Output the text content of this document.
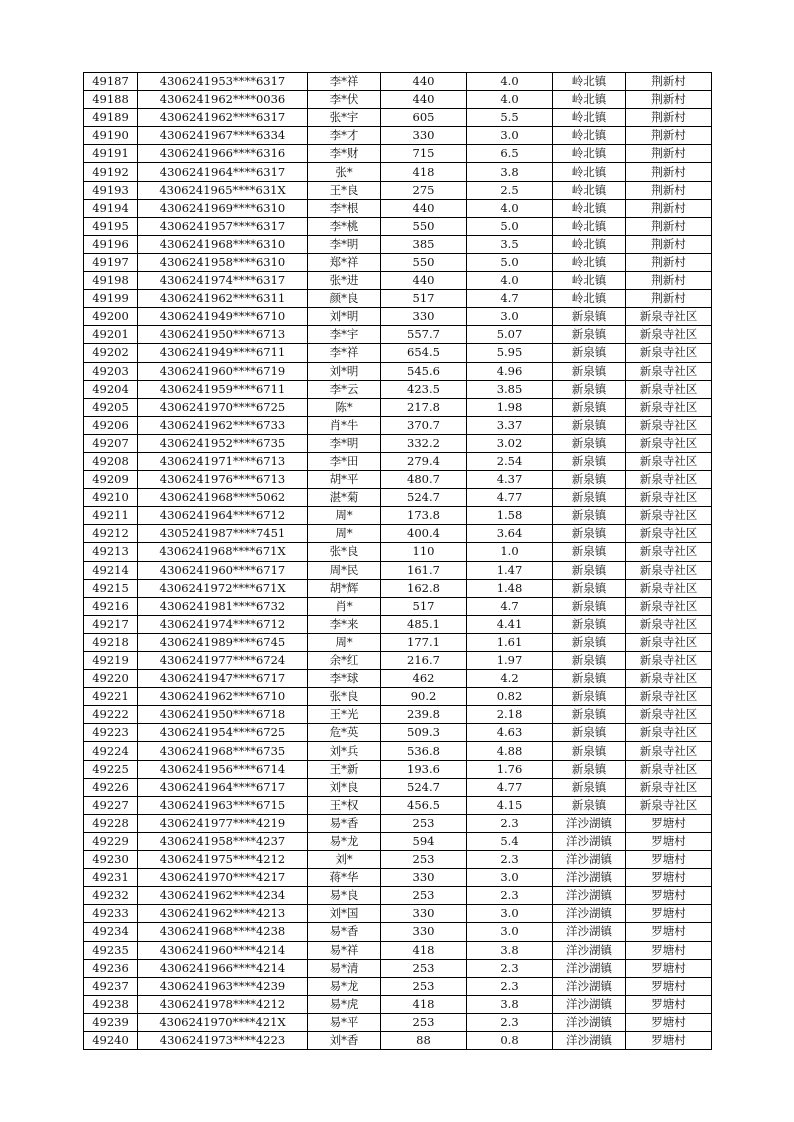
49187	4306241953****6317	李*祥	440	4.0	岭北镇	荆新村
49188	4306241962****0036	李*伏	440	4.0	岭北镇	荆新村
49189	4306241962****6317	张*宇	605	5.5	岭北镇	荆新村
49190	4306241967****6334	李*才	330	3.0	岭北镇	荆新村
49191	4306241966****6316	李*财	715	6.5	岭北镇	荆新村
49192	4306241964****6317	张*	418	3.8	岭北镇	荆新村
49193	4306241965****631X	王*良	275	2.5	岭北镇	荆新村
49194	4306241969****6310	李*根	440	4.0	岭北镇	荆新村
49195	4306241957****6317	李*桃	550	5.0	岭北镇	荆新村
49196	4306241968****6310	李*明	385	3.5	岭北镇	荆新村
49197	4306241958****6310	郑*祥	550	5.0	岭北镇	荆新村
49198	4306241974****6317	张*进	440	4.0	岭北镇	荆新村
49199	4306241962****6311	颜*良	517	4.7	岭北镇	荆新村
49200	4306241949****6710	刘*明	330	3.0	新泉镇	新泉寺社区
49201	4306241950****6713	李*宇	557.7	5.07	新泉镇	新泉寺社区
49202	4306241949****6711	李*祥	654.5	5.95	新泉镇	新泉寺社区
49203	4306241960****6719	刘*明	545.6	4.96	新泉镇	新泉寺社区
49204	4306241959****6711	李*云	423.5	3.85	新泉镇	新泉寺社区
49205	4306241970****6725	陈*	217.8	1.98	新泉镇	新泉寺社区
49206	4306241962****6733	肖*牛	370.7	3.37	新泉镇	新泉寺社区
49207	4306241952****6735	李*明	332.2	3.02	新泉镇	新泉寺社区
49208	4306241971****6713	李*田	279.4	2.54	新泉镇	新泉寺社区
49209	4306241976****6713	胡*平	480.7	4.37	新泉镇	新泉寺社区
49210	4306241968****5062	湛*菊	524.7	4.77	新泉镇	新泉寺社区
49211	4306241964****6712	周*	173.8	1.58	新泉镇	新泉寺社区
49212	4305241987****7451	周*	400.4	3.64	新泉镇	新泉寺社区
49213	4306241968****671X	张*良	110	1.0	新泉镇	新泉寺社区
49214	4306241960****6717	周*民	161.7	1.47	新泉镇	新泉寺社区
49215	4306241972****671X	胡*辉	162.8	1.48	新泉镇	新泉寺社区
49216	4306241981****6732	肖*	517	4.7	新泉镇	新泉寺社区
49217	4306241974****6712	李*来	485.1	4.41	新泉镇	新泉寺社区
49218	4306241989****6745	周*	177.1	1.61	新泉镇	新泉寺社区
49219	4306241977****6724	余*红	216.7	1.97	新泉镇	新泉寺社区
49220	4306241947****6717	李*球	462	4.2	新泉镇	新泉寺社区
49221	4306241962****6710	张*良	90.2	0.82	新泉镇	新泉寺社区
49222	4306241950****6718	王*光	239.8	2.18	新泉镇	新泉寺社区
49223	4306241954****6725	危*英	509.3	4.63	新泉镇	新泉寺社区
49224	4306241968****6735	刘*兵	536.8	4.88	新泉镇	新泉寺社区
49225	4306241956****6714	王*新	193.6	1.76	新泉镇	新泉寺社区
49226	4306241964****6717	刘*良	524.7	4.77	新泉镇	新泉寺社区
49227	4306241963****6715	王*权	456.5	4.15	新泉镇	新泉寺社区
49228	4306241977****4219	易*香	253	2.3	洋沙湖镇	罗塘村
49229	4306241958****4237	易*龙	594	5.4	洋沙湖镇	罗塘村
49230	4306241975****4212	刘*	253	2.3	洋沙湖镇	罗塘村
49231	4306241970****4217	蒋*华	330	3.0	洋沙湖镇	罗塘村
49232	4306241962****4234	易*良	253	2.3	洋沙湖镇	罗塘村
49233	4306241962****4213	刘*国	330	3.0	洋沙湖镇	罗塘村
49234	4306241968****4238	易*香	330	3.0	洋沙湖镇	罗塘村
49235	4306241960****4214	易*祥	418	3.8	洋沙湖镇	罗塘村
49236	4306241966****4214	易*清	253	2.3	洋沙湖镇	罗塘村
49237	4306241963****4239	易*龙	253	2.3	洋沙湖镇	罗塘村
49238	4306241978****4212	易*虎	418	3.8	洋沙湖镇	罗塘村
49239	4306241970****421X	易*平	253	2.3	洋沙湖镇	罗塘村
49240	4306241973****4223	刘*香	88	0.8	洋沙湖镇	罗塘村
